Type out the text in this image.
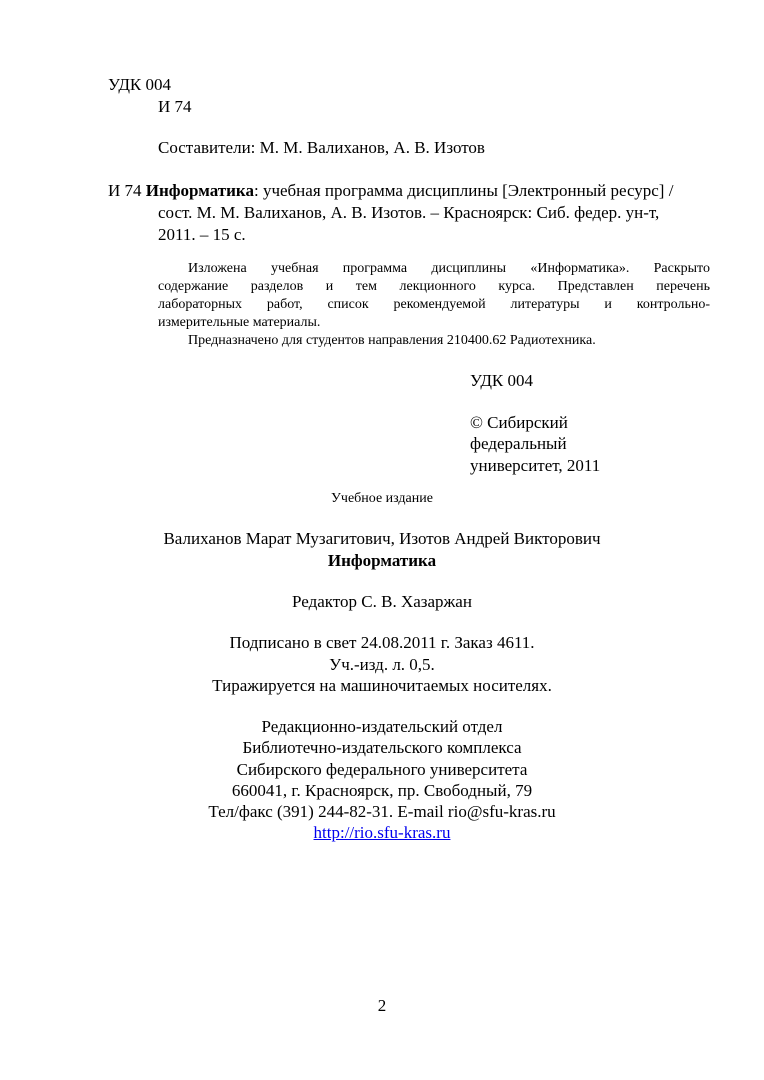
УДК 004
И 74
Составители: М. М. Валиханов, А. В. Изотов
И 74 Информатика: учебная программа дисциплины [Электронный ресурс] /
сост. М. М. Валиханов, А. В. Изотов. – Красноярск: Сиб. федер. ун-т,
2011. – 15 с.
Изложена учебная программа дисциплины «Информатика». Раскрыто
содержание разделов и тем лекционного курса. Представлен перечень
лабораторных работ, список рекомендуемой литературы и контрольно-
измерительные материалы.
Предназначено для студентов направления 210400.62 Радиотехника.
УДК 004
© Сибирский
федеральный
университет, 2011
Учебное издание
Валиханов Марат Музагитович, Изотов Андрей Викторович
Информатика
Редактор С. В. Хазаржан
Подписано в свет 24.08.2011 г. Заказ 4611.
Уч.-изд. л. 0,5.
Тиражируется на машиночитаемых носителях.
Редакционно-издательский отдел
Библиотечно-издательского комплекса
Сибирского федерального университета
660041, г. Красноярск, пр. Свободный, 79
Тел/факс (391) 244-82-31. E-mail rio@sfu-kras.ru
http://rio.sfu-kras.ru
2
